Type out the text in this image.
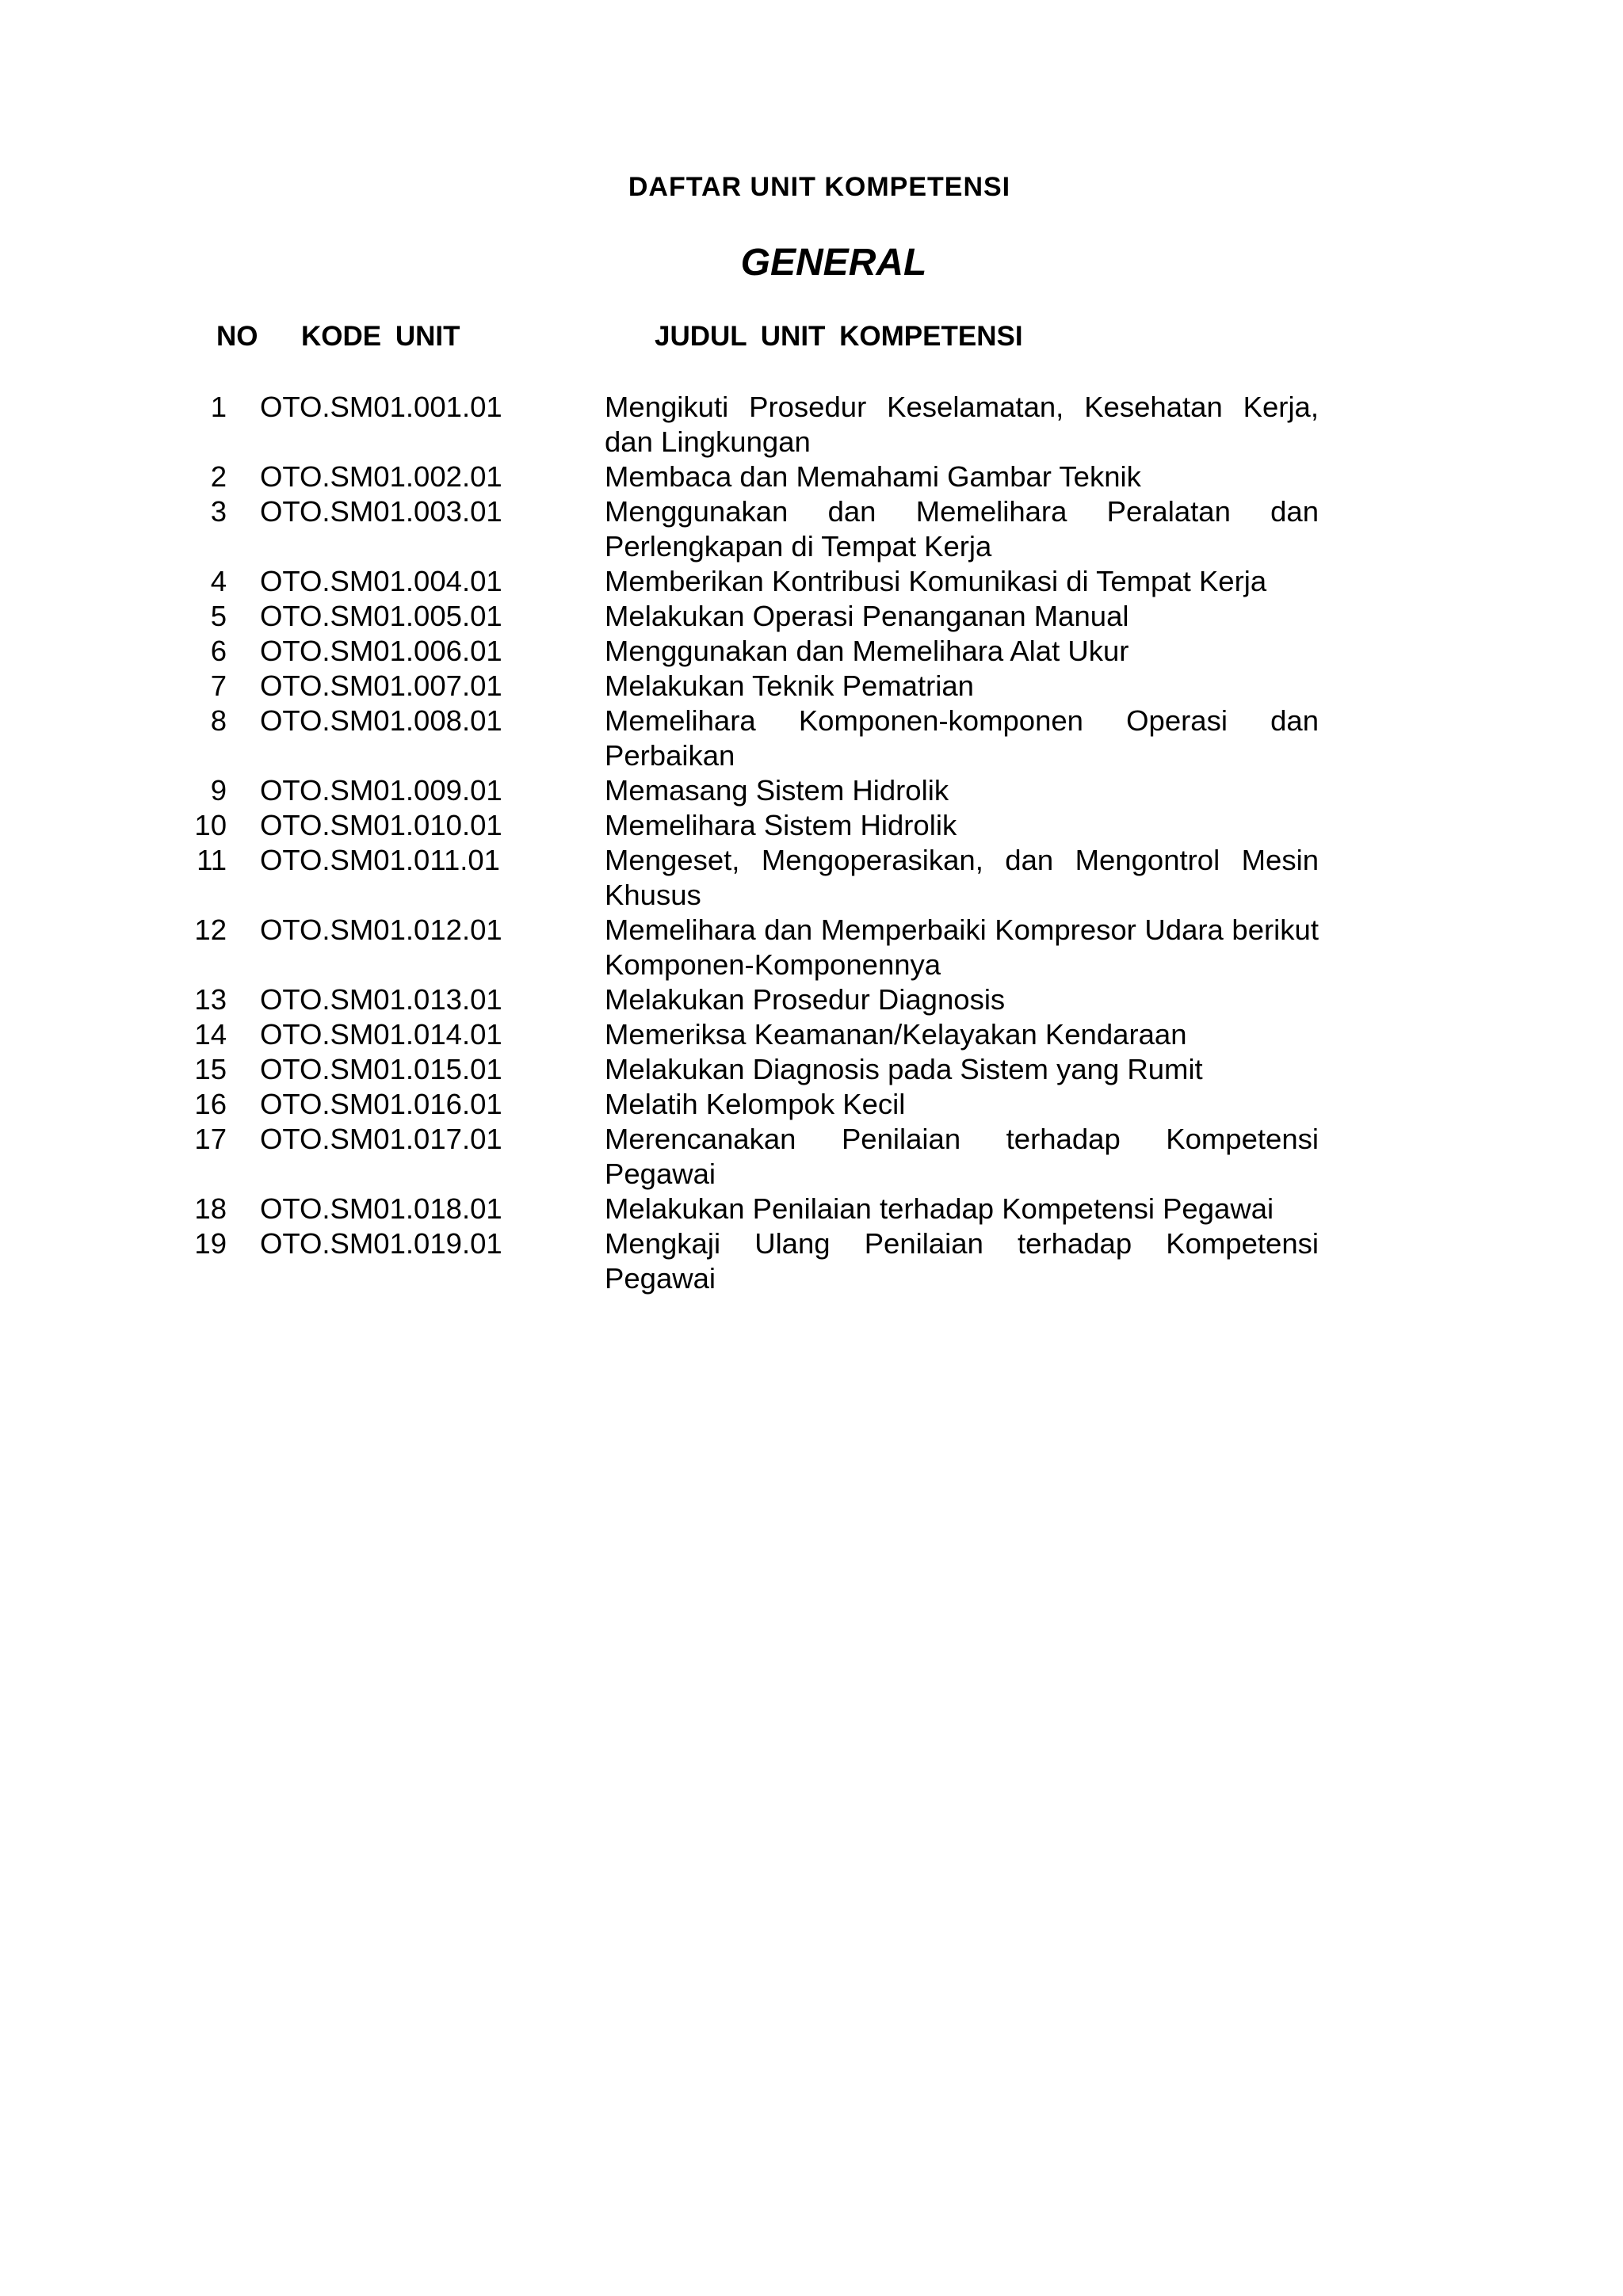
DAFTAR UNIT KOMPETENSI
GENERAL
NO KODE UNIT	JUDUL UNIT KOMPETENSI
1	OTO.SM01.001.01	Mengikuti Prosedur Keselamatan, Kesehatan Kerja, dan Lingkungan
2	OTO.SM01.002.01	Membaca dan Memahami Gambar Teknik
3	OTO.SM01.003.01	Menggunakan dan Memelihara Peralatan dan Perlengkapan di Tempat Kerja
4	OTO.SM01.004.01	Memberikan Kontribusi Komunikasi di Tempat Kerja
5	OTO.SM01.005.01	Melakukan Operasi Penanganan Manual
6	OTO.SM01.006.01	Menggunakan dan Memelihara Alat Ukur
7	OTO.SM01.007.01	Melakukan Teknik Pematrian
8	OTO.SM01.008.01	Memelihara Komponen-komponen Operasi dan Perbaikan
9	OTO.SM01.009.01	Memasang Sistem Hidrolik
10	OTO.SM01.010.01	Memelihara Sistem Hidrolik
11	OTO.SM01.011.01	Mengeset, Mengoperasikan, dan Mengontrol Mesin Khusus
12	OTO.SM01.012.01	Memelihara dan Memperbaiki Kompresor Udara berikut Komponen-Komponennya
13	OTO.SM01.013.01	Melakukan Prosedur Diagnosis
14	OTO.SM01.014.01	Memeriksa Keamanan/Kelayakan Kendaraan
15	OTO.SM01.015.01	Melakukan Diagnosis pada Sistem yang Rumit
16	OTO.SM01.016.01	Melatih Kelompok Kecil
17	OTO.SM01.017.01	Merencanakan Penilaian terhadap Kompetensi Pegawai
18	OTO.SM01.018.01	Melakukan Penilaian terhadap Kompetensi Pegawai
19	OTO.SM01.019.01	Mengkaji Ulang Penilaian terhadap Kompetensi Pegawai
